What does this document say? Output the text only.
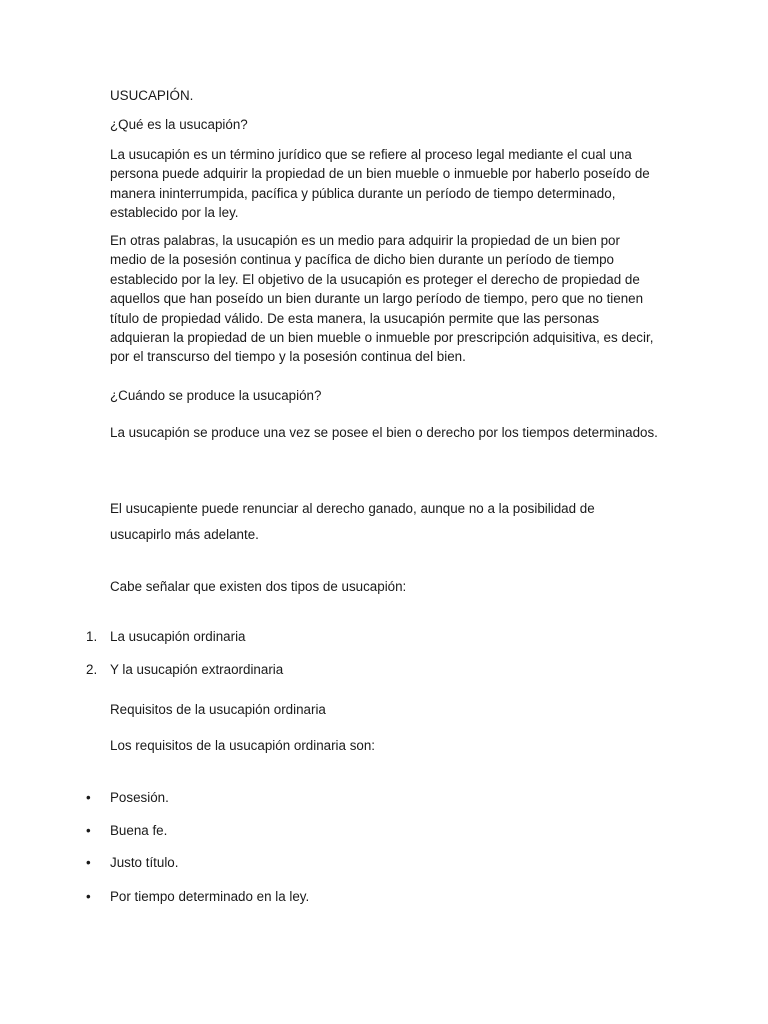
USUCAPIÓN.

¿Qué es la usucapión?

La usucapión es un término jurídico que se refiere al proceso legal mediante el cual una persona puede adquirir la propiedad de un bien mueble o inmueble por haberlo poseído de manera ininterrumpida, pacífica y pública durante un período de tiempo determinado, establecido por la ley.

En otras palabras, la usucapión es un medio para adquirir la propiedad de un bien por medio de la posesión continua y pacífica de dicho bien durante un período de tiempo establecido por la ley. El objetivo de la usucapión es proteger el derecho de propiedad de aquellos que han poseído un bien durante un largo período de tiempo, pero que no tienen título de propiedad válido. De esta manera, la usucapión permite que las personas adquieran la propiedad de un bien mueble o inmueble por prescripción adquisitiva, es decir, por el transcurso del tiempo y la posesión continua del bien.

¿Cuándo se produce la usucapión?

La usucapión se produce una vez se posee el bien o derecho por los tiempos determinados.

El usucapiente puede renunciar al derecho ganado, aunque no a la posibilidad de usucapirlo más adelante.

Cabe señalar que existen dos tipos de usucapión:

1. La usucapión ordinaria
2. Y la usucapión extraordinaria

Requisitos de la usucapión ordinaria

Los requisitos de la usucapión ordinaria son:

• Posesión.
• Buena fe.
• Justo título.
• Por tiempo determinado en la ley.
